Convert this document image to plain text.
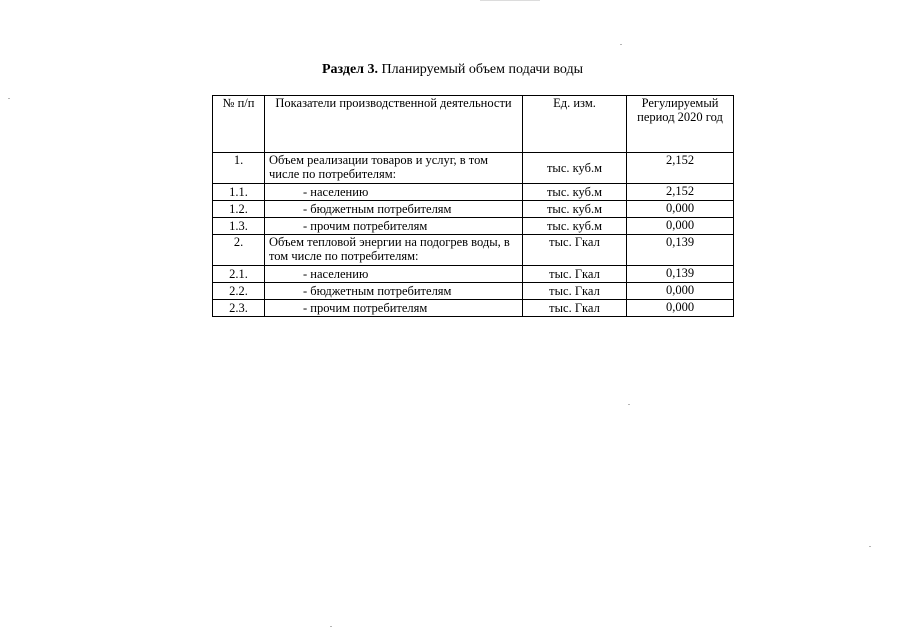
Раздел 3. Планируемый объем подачи воды
№ п/п	Показатели производственной деятельности	Ед. изм.	Регулируемый период 2020 год
1.	Объем реализации товаров и услуг, в том числе по потребителям:	тыс. куб.м	2,152
1.1.	- населению	тыс. куб.м	2,152
1.2.	- бюджетным потребителям	тыс. куб.м	0,000
1.3.	- прочим потребителям	тыс. куб.м	0,000
2.	Объем тепловой энергии на подогрев воды, в том числе по потребителям:	тыс. Гкал	0,139
2.1.	- населению	тыс. Гкал	0,139
2.2.	- бюджетным потребителям	тыс. Гкал	0,000
2.3.	- прочим потребителям	тыс. Гкал	0,000
